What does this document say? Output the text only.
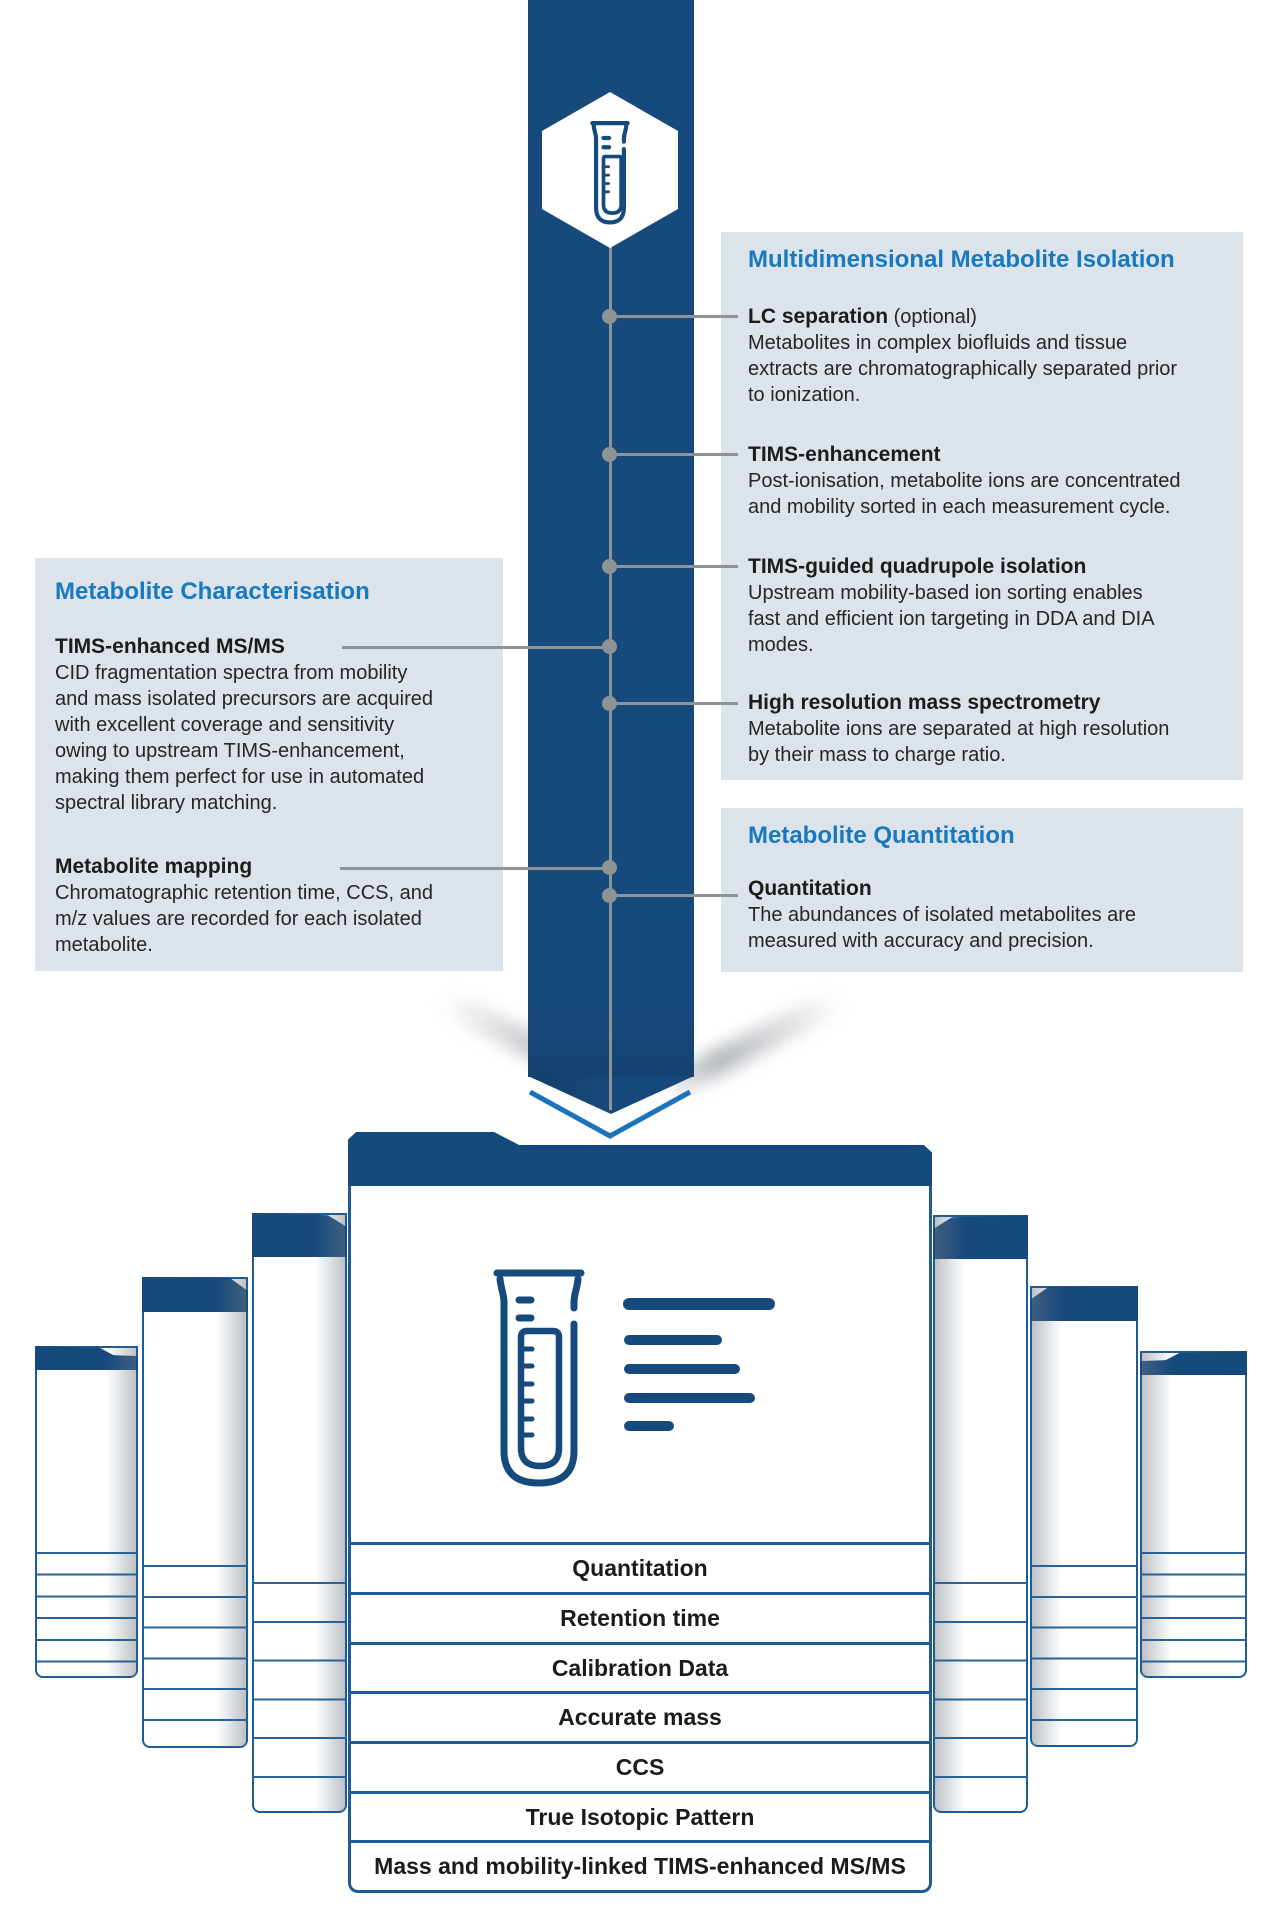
Metabolite Characterisation
TIMS-enhanced MS/MS
CID fragmentation spectra from mobility
and mass isolated precursors are acquired
with excellent coverage and sensitivity
owing to upstream TIMS-enhancement,
making them perfect for use in automated
spectral library matching.
Metabolite mapping
Chromatographic retention time, CCS, and
m/z values are recorded for each isolated
metabolite.
Multidimensional Metabolite Isolation
LC separation (optional)
Metabolites in complex biofluids and tissue
extracts are chromatographically separated prior
to ionization.
TIMS-enhancement
Post-ionisation, metabolite ions are concentrated
and mobility sorted in each measurement cycle.
TIMS-guided quadrupole isolation
Upstream mobility-based ion sorting enables
fast and efficient ion targeting in DDA and DIA
modes.
High resolution mass spectrometry
Metabolite ions are separated at high resolution
by their mass to charge ratio.
Metabolite Quantitation
Quantitation
The abundances of isolated metabolites are
measured with accuracy and precision.
Quantitation
Retention time
Calibration Data
Accurate mass
CCS
True Isotopic Pattern
Mass and mobility-linked TIMS-enhanced MS/MS
